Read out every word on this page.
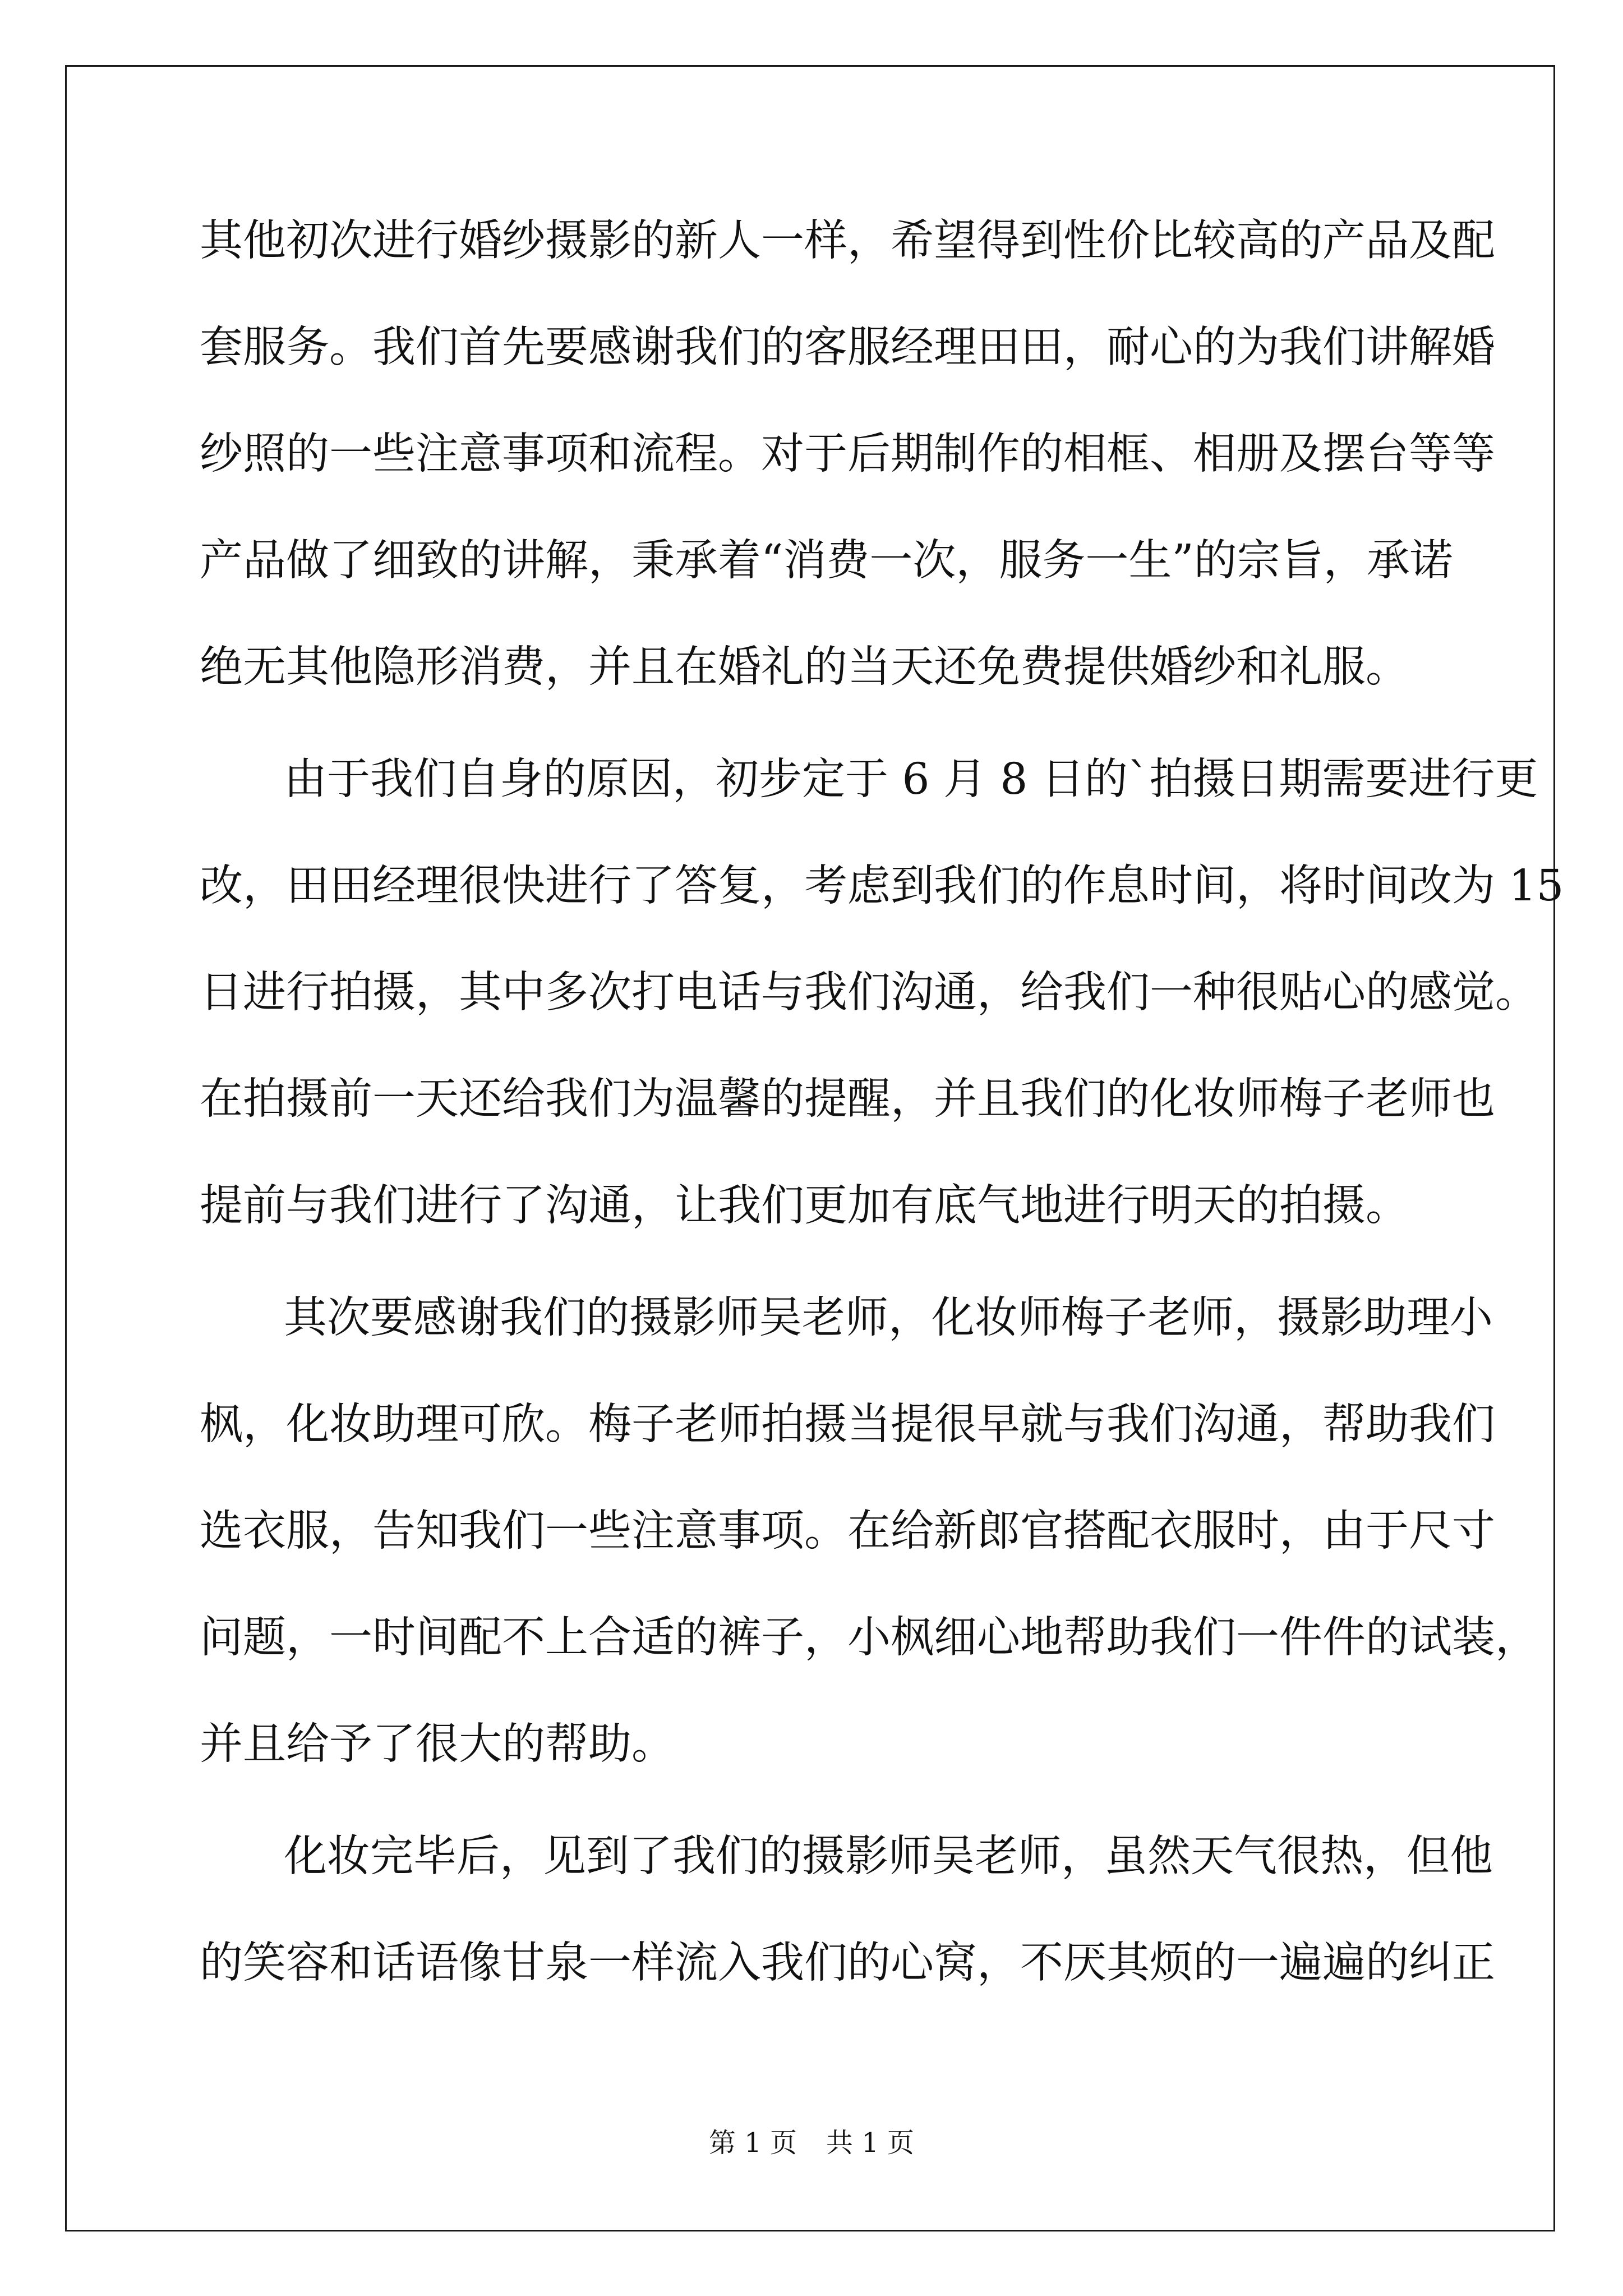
其他初次进行婚纱摄影的新人一样，希望得到性价比较高的产品及配
套服务。我们首先要感谢我们的客服经理田田，耐心的为我们讲解婚
纱照的一些注意事项和流程。对于后期制作的相框、相册及摆台等等
产品做了细致的讲解，秉承着“消费一次，服务一生”的宗旨，承诺
绝无其他隐形消费，并且在婚礼的当天还免费提供婚纱和礼服。
由于我们自身的原因，初步定于 6 月 8 日的`拍摄日期需要进行更
改，田田经理很快进行了答复，考虑到我们的作息时间，将时间改为 15
日进行拍摄，其中多次打电话与我们沟通，给我们一种很贴心的感觉。
在拍摄前一天还给我们为温馨的提醒，并且我们的化妆师梅子老师也
提前与我们进行了沟通，让我们更加有底气地进行明天的拍摄。
其次要感谢我们的摄影师吴老师，化妆师梅子老师，摄影助理小
枫，化妆助理可欣。梅子老师拍摄当提很早就与我们沟通，帮助我们
选衣服，告知我们一些注意事项。在给新郎官搭配衣服时，由于尺寸
问题，一时间配不上合适的裤子，小枫细心地帮助我们一件件的试装，
并且给予了很大的帮助。
化妆完毕后，见到了我们的摄影师吴老师，虽然天气很热，但他
的笑容和话语像甘泉一样流入我们的心窝，不厌其烦的一遍遍的纠正
第 1 页 共 1 页
